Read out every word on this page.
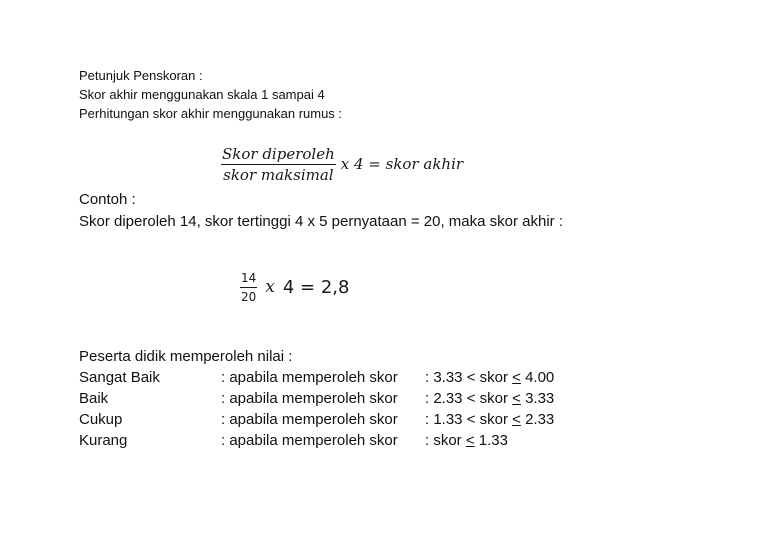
Petunjuk Penskoran :
Skor akhir menggunakan skala 1 sampai 4
Perhitungan skor akhir menggunakan rumus :
$\frac{\text{Skor diperoleh}}{\text{skor maksimal}}$ x 4 = skor akhir
Contoh :
Skor diperoleh 14, skor tertinggi 4 x 5 pernyataan = 20, maka skor akhir :
$\frac{14}{20}$ x 4 = 2,8
Peserta didik memperoleh nilai :
Sangat Baik	: apabila memperoleh skor : 3.33 < skor ≤ 4.00
Baik	: apabila memperoleh skor : 2.33 < skor ≤ 3.33
Cukup	: apabila memperoleh skor : 1.33 < skor ≤ 2.33
Kurang	: apabila memperoleh skor : skor ≤ 1.33
